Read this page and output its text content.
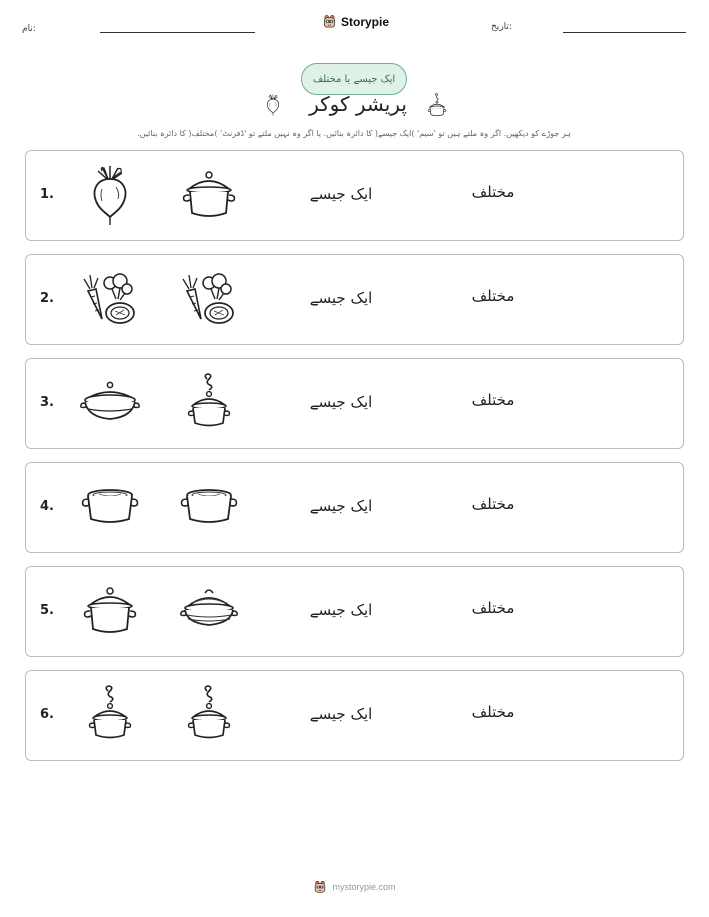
نام:
Storypie	تاریخ:
ایک جیسے یا مختلف
پریشر کوکر
ہر جوڑے کو دیکھیں. اگر وہ ملتے ہیں تو 'سیم' )ایک جیسے( کا دائرہ بنائیں. یا اگر وہ نہیں ملتے تو 'ڈفرنٹ' )مختلف( کا دائرہ بنائیں.
1.	ایک جیسے	مختلف
2.	ایک جیسے	مختلف
3.	ایک جیسے	مختلف
4.	ایک جیسے	مختلف
5.	ایک جیسے	مختلف
6.	ایک جیسے	مختلف
mystorypie.com
